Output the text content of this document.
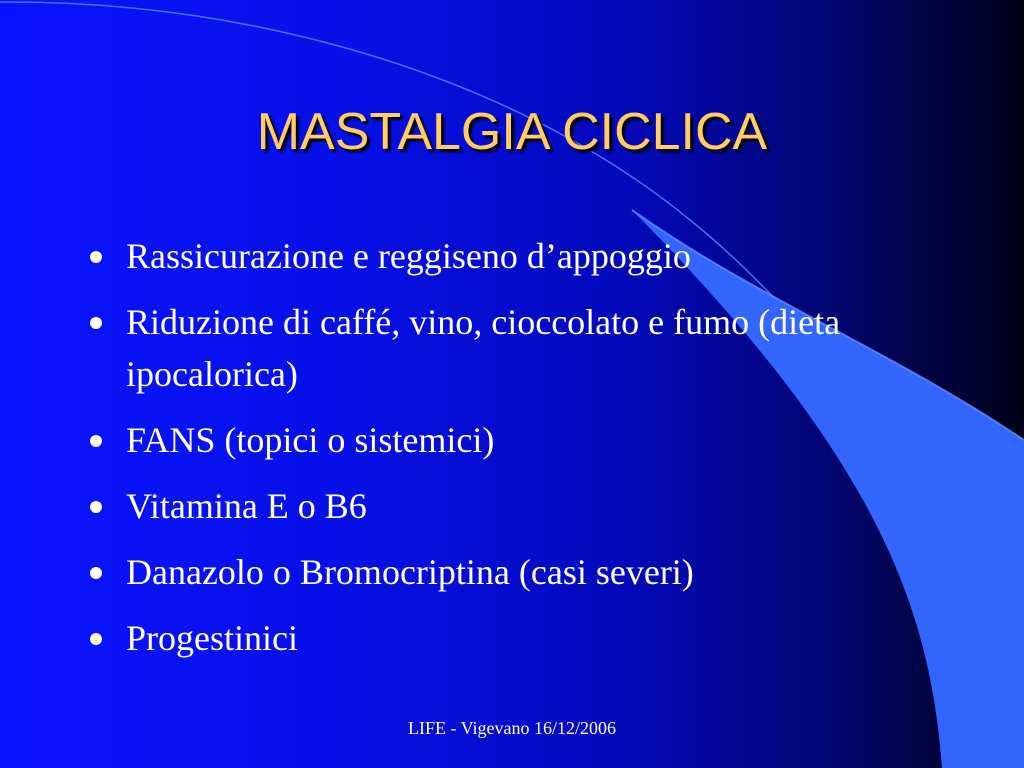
MASTALGIA CICLICA
Rassicurazione e reggiseno d’appoggio
Riduzione di caffé, vino, cioccolato e fumo (dieta ipocalorica)
FANS (topici o sistemici)
Vitamina E o B6
Danazolo o Bromocriptina (casi severi)
Progestinici
LIFE - Vigevano 16/12/2006
